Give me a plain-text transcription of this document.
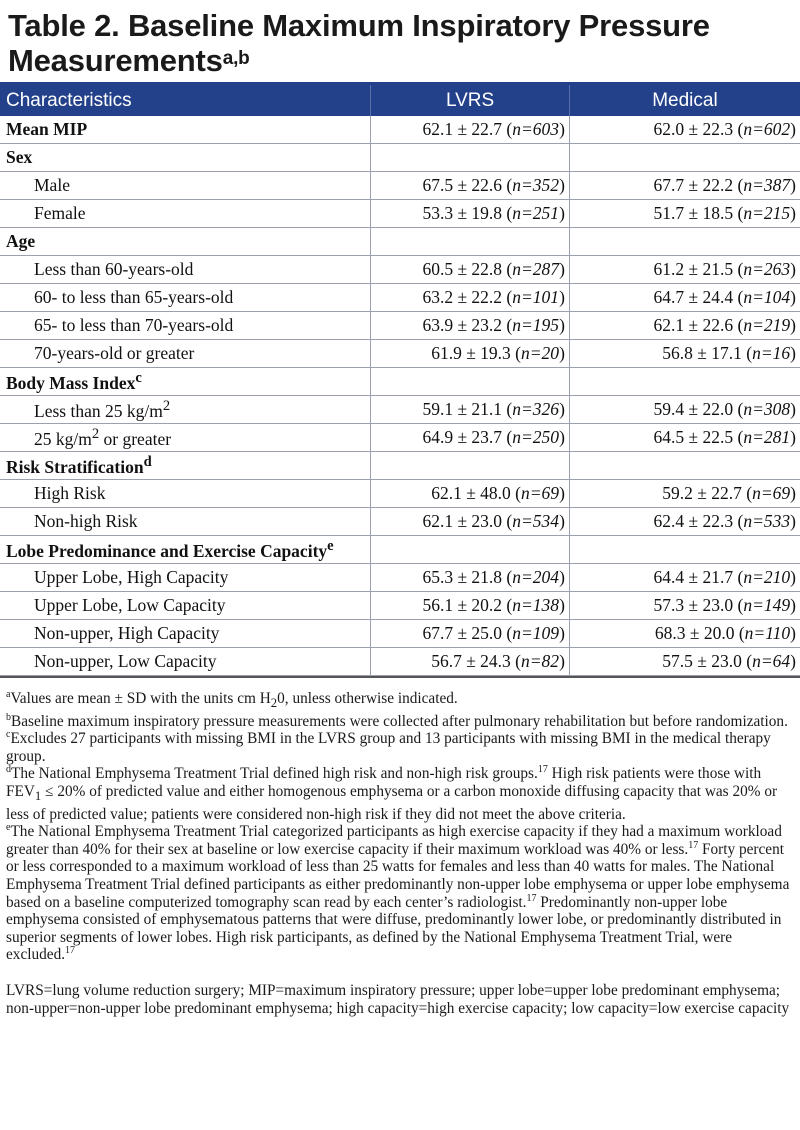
Table 2. Baseline Maximum Inspiratory Pressure
Measurements$^{a,b}$
Characteristics	LVRS	Medical
Mean MIP	62.1 ± 22.7 (n=603)	62.0 ± 22.3 (n=602)
Sex		
Male	67.5 ± 22.6 (n=352)	67.7 ± 22.2 (n=387)
Female	53.3 ± 19.8 (n=251)	51.7 ± 18.5 (n=215)
Age		
Less than 60-years-old	60.5 ± 22.8 (n=287)	61.2 ± 21.5 (n=263)
60- to less than 65-years-old	63.2 ± 22.2 (n=101)	64.7 ± 24.4 (n=104)
65- to less than 70-years-old	63.9 ± 23.2 (n=195)	62.1 ± 22.6 (n=219)
70-years-old or greater	61.9 ± 19.3 (n=20)	56.8 ± 17.1 (n=16)
Body Mass Index$^c$		
Less than 25 $kg/m^2$	59.1 ± 21.1 (n=326)	59.4 ± 22.0 (n=308)
25 $kg/m^2$ or greater	64.9 ± 23.7 (n=250)	64.5 ± 22.5 (n=281)
Risk Stratification$^d$		
High Risk	62.1 ± 48.0 (n=69)	59.2 ± 22.7 (n=69)
Non-high Risk	62.1 ± 23.0 (n=534)	62.4 ± 22.3 (n=533)
Lobe Predominance and Exercise Capacity$^e$		
Upper Lobe, High Capacity	65.3 ± 21.8 (n=204)	64.4 ± 21.7 (n=210)
Upper Lobe, Low Capacity	56.1 ± 20.2 (n=138)	57.3 ± 23.0 (n=149)
Non-upper, High Capacity	67.7 ± 25.0 (n=109)	68.3 ± 20.0 (n=110)
Non-upper, Low Capacity	56.7 ± 24.3 (n=82)	57.5 ± 23.0 (n=64)

$^a$Values are mean ± SD with the units cm $H_20$, unless otherwise indicated.

$^b$Baseline maximum inspiratory pressure measurements were collected after pulmonary rehabilitation but before randomization.

$^c$Excludes 27 participants with missing BMI in the LVRS group and 13 participants with missing BMI in the medical therapy group.

$^d$The National Emphysema Treatment Trial defined high risk and non-high risk groups.$^{17}$ High risk patients were those with $FEV_1 \le 20\%$ of predicted value and either homogenous emphysema or a carbon monoxide diffusing capacity that was 20% or less of predicted value; patients were considered non-high risk if they did not meet the above criteria.

$^e$The National Emphysema Treatment Trial categorized participants as high exercise capacity if they had a maximum workload greater than 40% for their sex at baseline or low exercise capacity if their maximum workload was 40% or less.$^{17}$ Forty percent or less corresponded to a maximum workload of less than 25 watts for females and less than 40 watts for males. The National Emphysema Treatment Trial defined participants as either predominantly non-upper lobe emphysema or upper lobe emphysema based on a baseline computerized tomography scan read by each center’s radiologist.$^{17}$ Predominantly non-upper lobe emphysema consisted of emphysematous patterns that were diffuse, predominantly lower lobe, or predominantly distributed in superior segments of lower lobes. High risk participants, as defined by the National Emphysema Treatment Trial, were excluded.$^{17}$

LVRS=lung volume reduction surgery; MIP=maximum inspiratory pressure; upper lobe=upper lobe predominant emphysema; non-upper=non-upper lobe predominant emphysema; high capacity=high exercise capacity; low capacity=low exercise capacity
